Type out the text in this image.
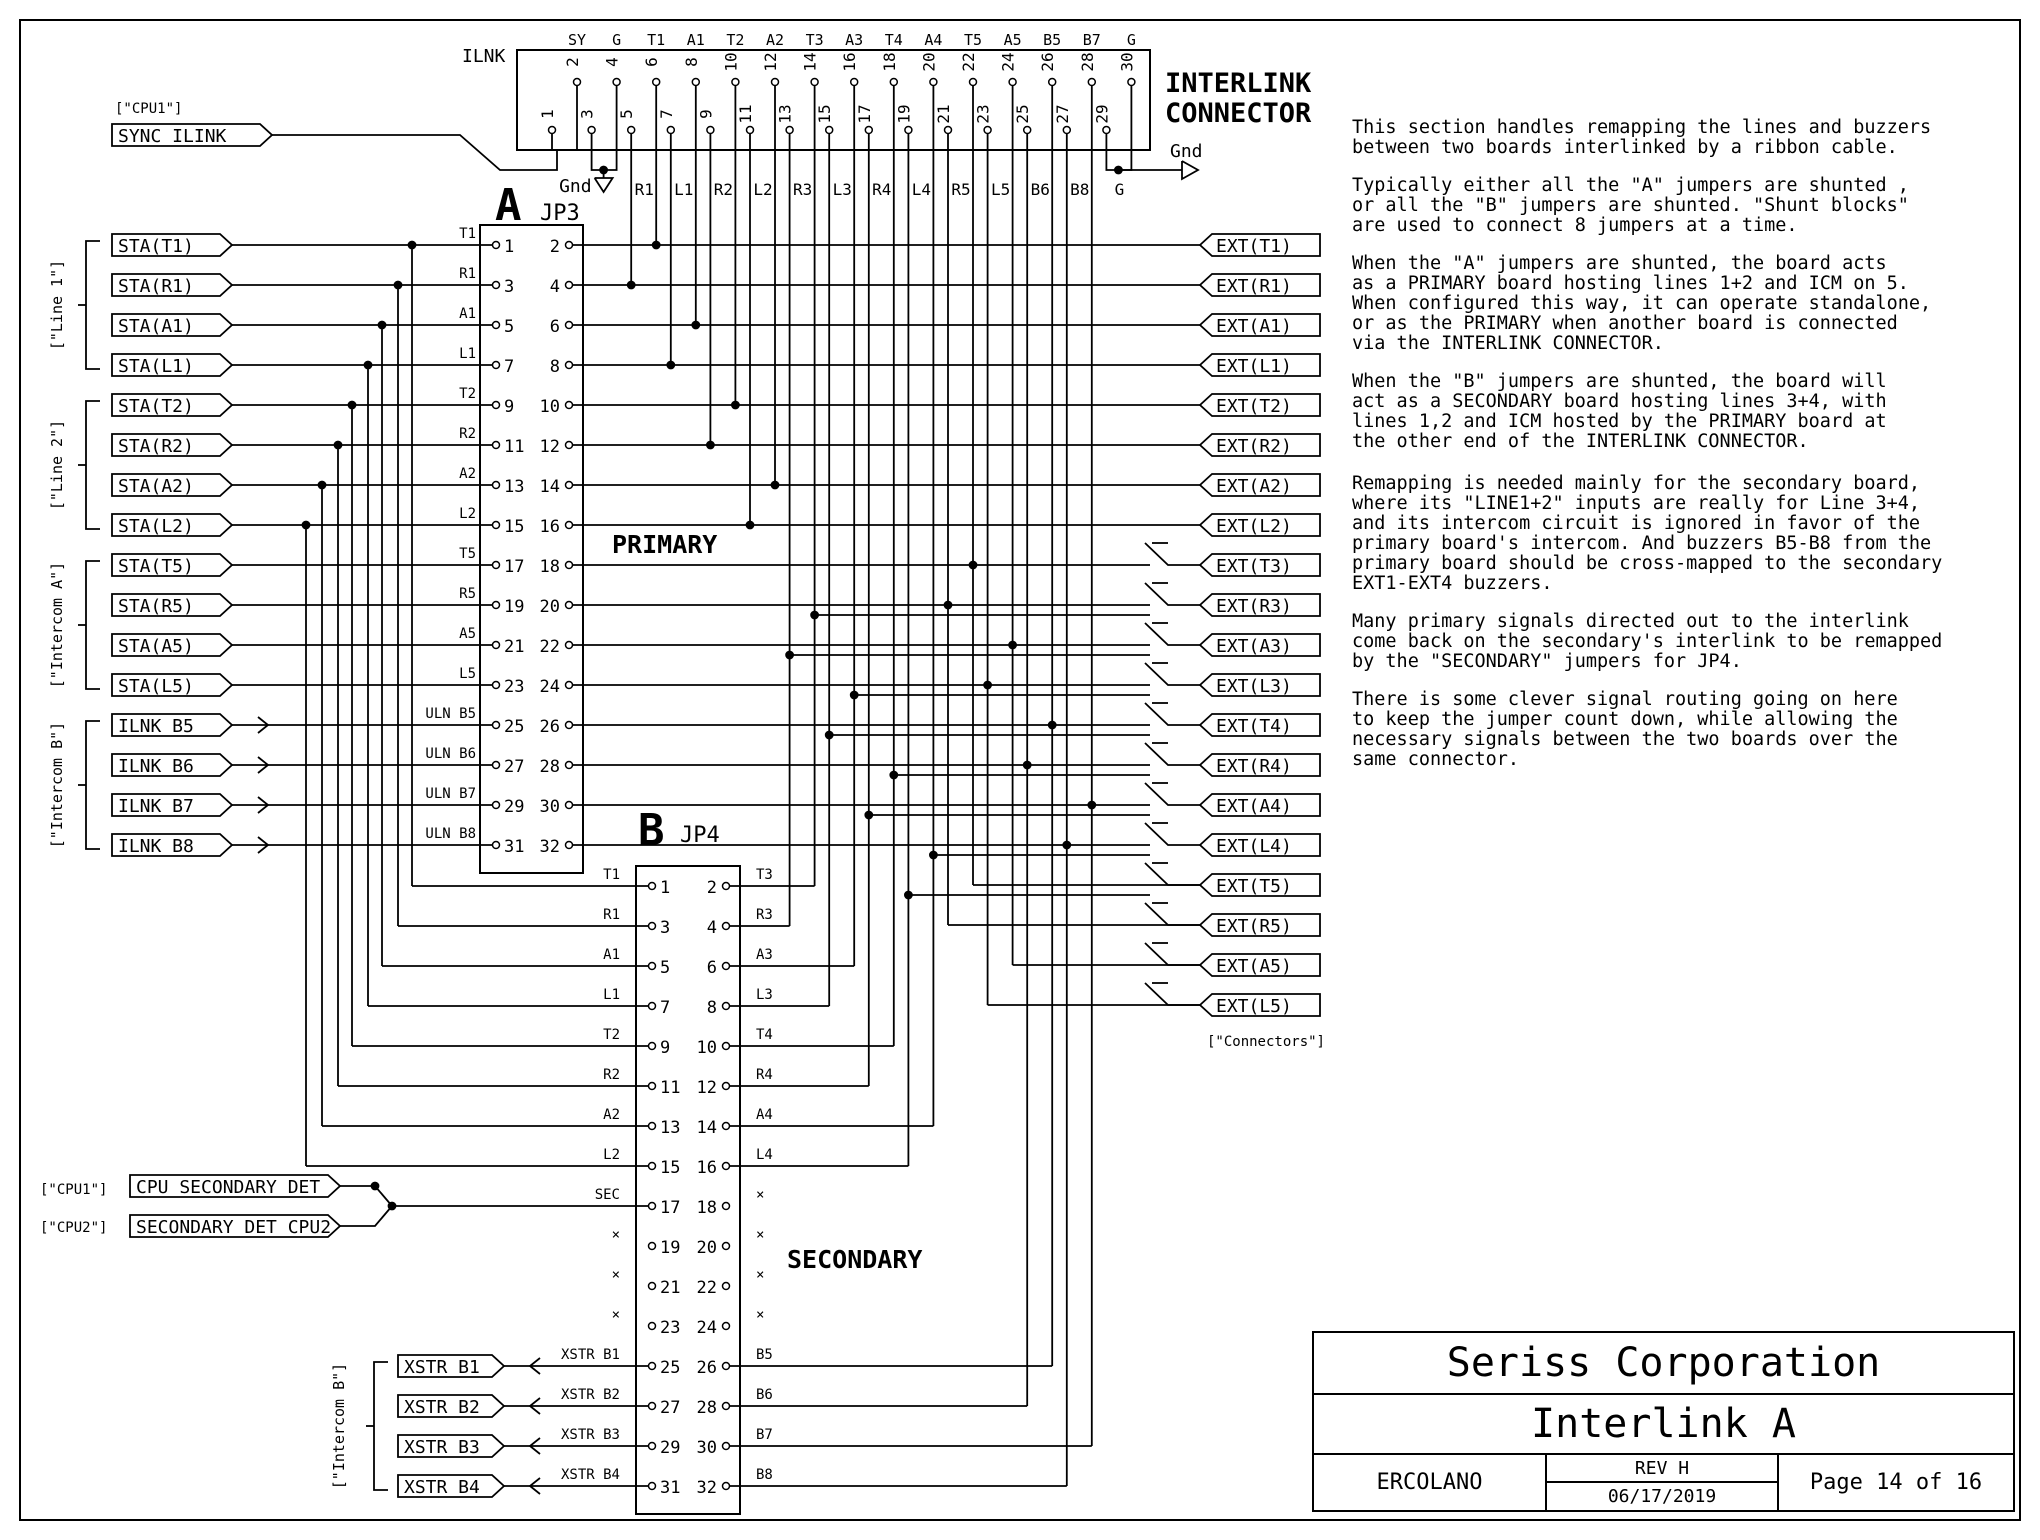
ILNK
INTERLINK
CONNECTOR
SY G T1 A1 T2 A2 T3 A3 T4 A4 T5 A5 B5 B7 G
2 4 6 8 10 12 14 16 18 20 22 24 26 28 30
1 3 5 7 9 11 13 15 17 19 21 23 25 27 29
R1 L1 R2 L2 R3 L3 R4 L4 R5 L5 B6 B8 G
A JP3
PRIMARY
T1
1 2
R1
3 4
A1
5 6
L1
7 8
T2
9 10
R2
11 12
A2
13 14
L2
15 16
T5
17 18
R5
19 20
A5
21 22
L5
23 24
ULN B5
25 26
ULN B6
27 28
ULN B7
29 30
ULN B8
31 32 B JP4
SECONDARY
T1
1 2
T3
R1
3 4
R3
A1
5 6
A3
L1
7 8
L3
T2
9 10
T4
R2
11 12
R4
A2
13 14
A4
L2
15 16
L4
SEC
17 18
×
×
19 20
×
×
21 22
×
×
23 24
×
XSTR B1
25 26
B5
XSTR B2
27 28
B6
XSTR B3
29 30
B7
XSTR B4
31 32
B8
STA(T1)
STA(R1)
STA(A1)
STA(L1)
STA(T2)
STA(R2)
STA(A2)
STA(L2)
STA(T5)
STA(R5)
STA(A5)
STA(L5)
ILNK B5
ILNK B6
ILNK B7
ILNK B8
["Line 1"]
["Line 2"]
["Intercom A"]
["Intercom B"]
EXT(T1)
EXT(R1)
EXT(A1)
EXT(L1)
EXT(T2)
EXT(R2)
EXT(A2)
EXT(L2)
EXT(T3)
EXT(R3)
EXT(A3)
EXT(L3)
EXT(T4)
EXT(R4)
EXT(A4)
EXT(L4)
EXT(T5)
EXT(R5)
EXT(A5)
EXT(L5)
["Connectors"]
["CPU1"]
SYNC ILINK
Gnd
Gnd
["CPU1"] CPU SECONDARY DET
["CPU2"] SECONDARY DET CPU2
XSTR B1
XSTR B2
XSTR B3
XSTR B4
["Intercom B"]

This section handles remapping the lines and buzzers
between two boards interlinked by a ribbon cable.

Typically either all the "A" jumpers are shunted ,
or all the "B" jumpers are shunted. "Shunt blocks"
are used to connect 8 jumpers at a time.

When the "A" jumpers are shunted, the board acts
as a PRIMARY board hosting lines 1+2 and ICM on 5.
When configured this way, it can operate standalone,
or as the PRIMARY when another board is connected
via the INTERLINK CONNECTOR.

When the "B" jumpers are shunted, the board will
act as a SECONDARY board hosting lines 3+4, with
lines 1,2 and ICM hosted by the PRIMARY board at
the other end of the INTERLINK CONNECTOR.

Remapping is needed mainly for the secondary board,
where its "LINE1+2" inputs are really for Line 3+4,
and its intercom circuit is ignored in favor of the
primary board's intercom. And buzzers B5-B8 from the
primary board should be cross-mapped to the secondary
EXT1-EXT4 buzzers.

Many primary signals directed out to the interlink
come back on the secondary's interlink to be remapped
by the "SECONDARY" jumpers for JP4.

There is some clever signal routing going on here
to keep the jumper count down, while allowing the
necessary signals between the two boards over the
same connector.

Seriss Corporation
Interlink A
ERCOLANO
REV H
06/17/2019
Page 14 of 16
